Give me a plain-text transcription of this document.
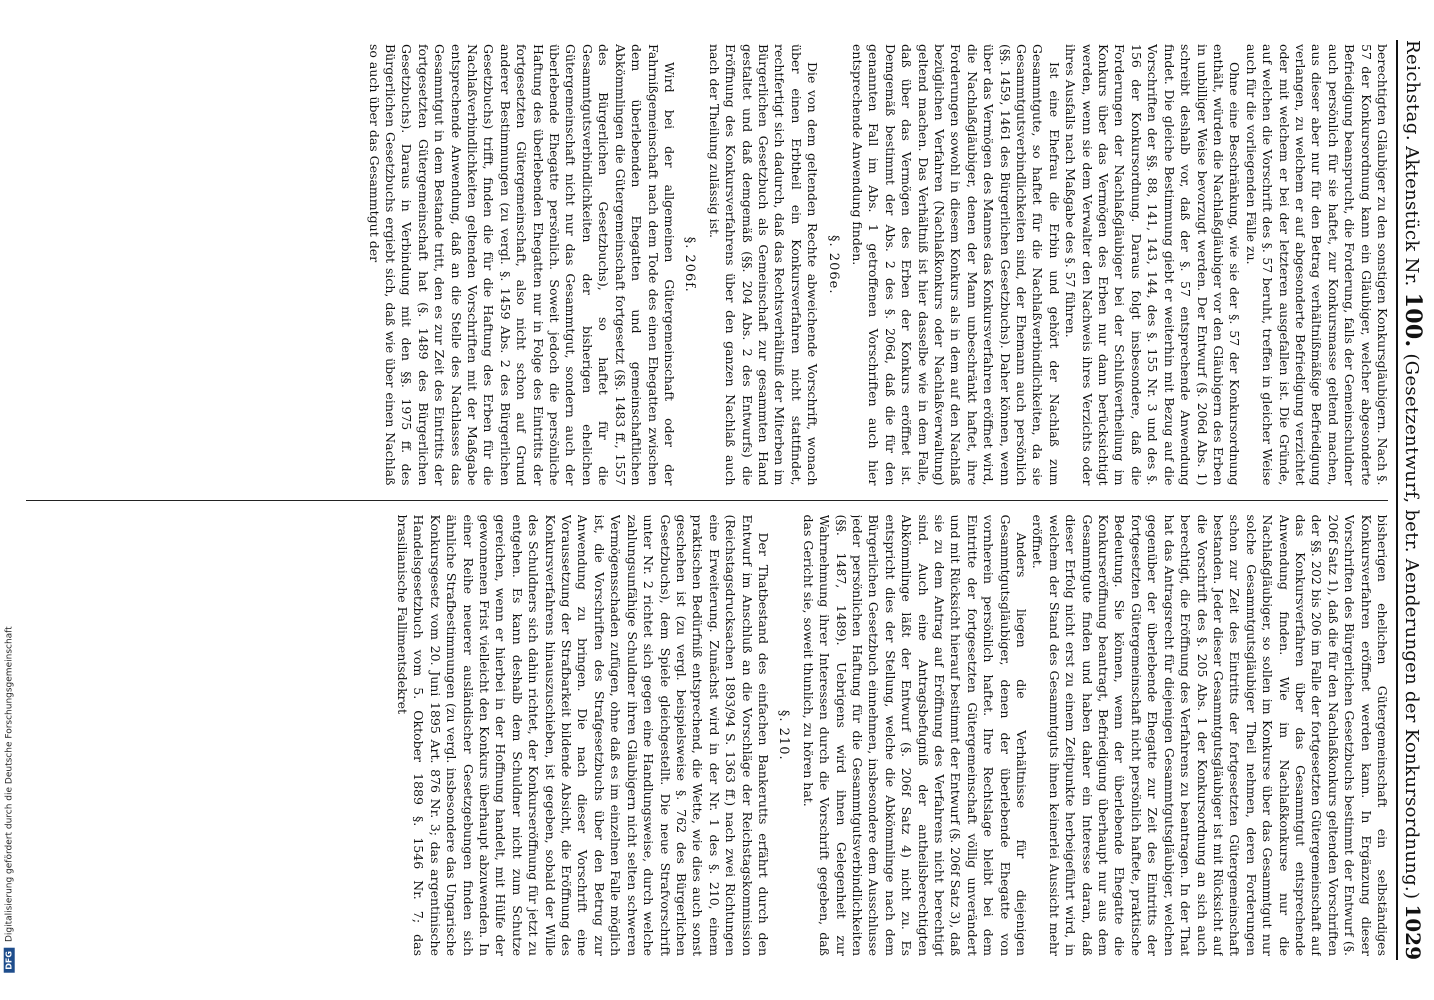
DFG
Digitalisierung gefördert durch die Deutsche Forschungsgemeinschaft
Reichstag.
Aktenstück Nr. 100. (Gesetzentwurf, betr. Aenderungen der Konkursordnung.)
1029

berechtigten Gläubiger zu den sonstigen Konkursgläubigern. Nach §. 57 der Konkursordnung kann ein Gläubiger, welcher abgesonderte Befriedigung beansprucht, die Forderung, falls der Gemeinschuldner auch persönlich für sie haftet, zur Konkursmasse geltend machen, aus dieser aber nur für den Betrag verhältnißmäßige Befriedigung verlangen, zu welchem er auf abgesonderte Befriedigung verzichtet oder mit welchem er bei der letzteren ausgefallen ist. Die Gründe, auf welchen die Vorschrift des §. 57 beruht, treffen in gleicher Weise auch für die vorliegenden Fälle zu.

Ohne eine Beschränkung, wie sie der §. 57 der Konkursordnung enthält, würden die Nachlaßgläubiger vor den Gläubigern des Erben in unbilliger Weise bevorzugt werden. Der Entwurf (§. 206d Abs. 1) schreibt deshalb vor, daß der §. 57 entsprechende Anwendung findet. Die gleiche Bestimmung giebt er weiterhin mit Bezug auf die Vorschriften der §§. 88, 141, 143, 144, des §. 155 Nr. 3 und des §. 156 der Konkursordnung. Daraus folgt insbesondere, daß die Forderungen der Nachlaßgläubiger bei der Schlußvertheilung im Konkurs über das Vermögen des Erben nur dann berücksichtigt werden, wenn sie dem Verwalter den Nachweis ihres Verzichts oder ihres Ausfalls nach Maßgabe des §. 57 führen.

Ist eine Ehefrau die Erbin und gehört der Nachlaß zum Gesammtgute, so haftet für die Nachlaßverbindlichkeiten, da sie Gesammtgutsverbindlichkeiten sind, der Ehemann auch persönlich (§§. 1459, 1461 des Bürgerlichen Gesetzbuchs). Daher können, wenn über das Vermögen des Mannes das Konkursverfahren eröffnet wird, die Nachlaßgläubiger, denen der Mann unbeschränkt haftet, ihre Forderungen sowohl in diesem Konkurs als in dem auf den Nachlaß bezüglichen Verfahren (Nachlaßkonkurs oder Nachlaßverwaltung) geltend machen. Das Verhältniß ist hier dasselbe wie in dem Falle, daß über das Vermögen des Erben der Konkurs eröffnet ist. Demgemäß bestimmt der Abs. 2 des §. 206d, daß die für den genannten Fall im Abs. 1 getroffenen Vorschriften auch hier entsprechende Anwendung finden.

§. 206e.

Die von dem geltenden Rechte abweichende Vorschrift, wonach über einen Erbtheil ein Konkursverfahren nicht stattfindet, rechtfertigt sich dadurch, daß das Rechtsverhältniß der Miterben im Bürgerlichen Gesetzbuch als Gemeinschaft zur gesammten Hand gestaltet und daß demgemäß (§§. 204 Abs. 2 des Entwurfs) die Eröffnung des Konkursverfahrens über den ganzen Nachlaß auch nach der Theilung zulässig ist.

§. 206f.

Wird bei der allgemeinen Gütergemeinschaft oder der Fahrnißgemeinschaft nach dem Tode des einen Ehegatten zwischen dem überlebenden Ehegatten und gemeinschaftlichen Abkömmlingen die Gütergemeinschaft fortgesetzt (§§. 1483 ff., 1557 des Bürgerlichen Gesetzbuchs), so haftet für die Gesammtgutsverbindlichkeiten der bisherigen ehelichen Gütergemeinschaft nicht nur das Gesammtgut, sondern auch der überlebende Ehegatte persönlich. Soweit jedoch die persönliche Haftung des überlebenden Ehegatten nur in Folge des Eintritts der fortgesetzten Gütergemeinschaft, also nicht schon auf Grund anderer Bestimmungen (zu vergl. §. 1459 Abs. 2 des Bürgerlichen Gesetzbuchs) trifft, finden die für die Haftung des Erben für die Nachlaßverbindlichkeiten geltenden Vorschriften mit der Maßgabe entsprechende Anwendung, daß an die Stelle des Nachlasses das Gesammtgut in dem Bestande tritt, den es zur Zeit des Eintritts der fortgesetzten Gütergemeinschaft hat (§. 1489 des Bürgerlichen Gesetzbuchs). Daraus in Verbindung mit den §§. 1975 ff. des Bürgerlichen Gesetzbuchs ergiebt sich, daß wie über einen Nachlaß so auch über das Gesammtgut der

bisherigen ehelichen Gütergemeinschaft ein selbständiges Konkursverfahren eröffnet werden kann. In Ergänzung dieser Vorschriften des Bürgerlichen Gesetzbuchs bestimmt der Entwurf (§. 206f Satz 1), daß die für den Nachlaßkonkurs geltenden Vorschriften der §§. 202 bis 206 im Falle der fortgesetzten Gütergemeinschaft auf das Konkursverfahren über das Gesammtgut entsprechende Anwendung finden. Wie im Nachlaßkonkurse nur die Nachlaßgläubiger, so sollen im Konkurse über das Gesammtgut nur solche Gesammtgutsgläubiger Theil nehmen, deren Forderungen schon zur Zeit des Eintritts der fortgesetzten Gütergemeinschaft bestanden. Jeder dieser Gesammtgutsgläubiger ist mit Rücksicht auf die Vorschrift des §. 205 Abs. 1 der Konkursordnung an sich auch berechtigt, die Eröffnung des Verfahrens zu beantragen. In der That hat das Antragsrecht für diejenigen Gesammtgutsgläubiger, welchen gegenüber der überlebende Ehegatte zur Zeit des Eintritts der fortgesetzten Gütergemeinschaft nicht persönlich haftete, praktische Bedeutung. Sie können, wenn der überlebende Ehegatte die Konkurseröffnung beantragt, Befriedigung überhaupt nur aus dem Gesammtgute finden und haben daher ein Interesse daran, daß dieser Erfolg nicht erst zu einem Zeitpunkte herbeigeführt wird, in welchem der Stand des Gesammtguts ihnen keinerlei Aussicht mehr eröffnet.

Anders liegen die Verhältnisse für diejenigen Gesammtgutsgläubiger, denen der überlebende Ehegatte von vornherein persönlich haftet. Ihre Rechtslage bleibt bei dem Eintritte der fortgesetzten Gütergemeinschaft völlig unverändert und mit Rücksicht hierauf bestimmt der Entwurf (§. 206f Satz 3), daß sie zu dem Antrag auf Eröffnung des Verfahrens nicht berechtigt sind. Auch eine Antragsbefugniß der antheilsberechtigten Abkömmlinge läßt der Entwurf (§. 206f Satz 4) nicht zu. Es entspricht dies der Stellung, welche die Abkömmlinge nach dem Bürgerlichen Gesetzbuch einnehmen, insbesondere dem Ausschlusse jeder persönlichen Haftung für die Gesammtgutsverbindlichkeiten (§§. 1487, 1489). Uebrigens wird ihnen Gelegenheit zur Wahrnehmung ihrer Interessen durch die Vorschrift gegeben, daß das Gericht sie, soweit thunlich, zu hören hat.

§. 210.

Der Thatbestand des einfachen Bankerutts erfährt durch den Entwurf im Anschluß an die Vorschläge der Reichstagskommission (Reichstagsdrucksachen 1893/94 S. 1363 ff.) nach zwei Richtungen eine Erweiterung. Zunächst wird in der Nr. 1 des §. 210, einem praktischen Bedürfniß entsprechend, die Wette, wie dies auch sonst geschehen ist (zu vergl. beispielsweise §. 762 des Bürgerlichen Gesetzbuchs), dem Spiele gleichgestellt. Die neue Strafvorschrift unter Nr. 2 richtet sich gegen eine Handlungsweise, durch welche zahlungsunfähige Schuldner ihren Gläubigern nicht selten schweren Vermögensschaden zufügen, ohne daß es im einzelnen Falle möglich ist, die Vorschriften des Strafgesetzbuchs über den Betrug zur Anwendung zu bringen. Die nach dieser Vorschrift eine Voraussetzung der Strafbarkeit bildende Absicht, die Eröffnung des Konkursverfahrens hinauszuschieben, ist gegeben, sobald der Wille des Schuldners sich dahin richtet, der Konkurseröffnung für jetzt zu entgehen. Es kann deshalb dem Schuldner nicht zum Schutze gereichen, wenn er hierbei in der Hoffnung handelt, mit Hülfe der gewonnenen Frist vielleicht den Konkurs überhaupt abzuwenden. In einer Reihe neuerer ausländischer Gesetzgebungen finden sich ähnliche Strafbestimmungen (zu vergl. insbesondere das Ungarische Konkursgesetz vom 20. Juni 1895 Art. 876 Nr. 3; das argentinische Handelsgesetzbuch vom 5. Oktober 1889 §. 1546 Nr. 7; das brasilianische Fallimentsdekret
